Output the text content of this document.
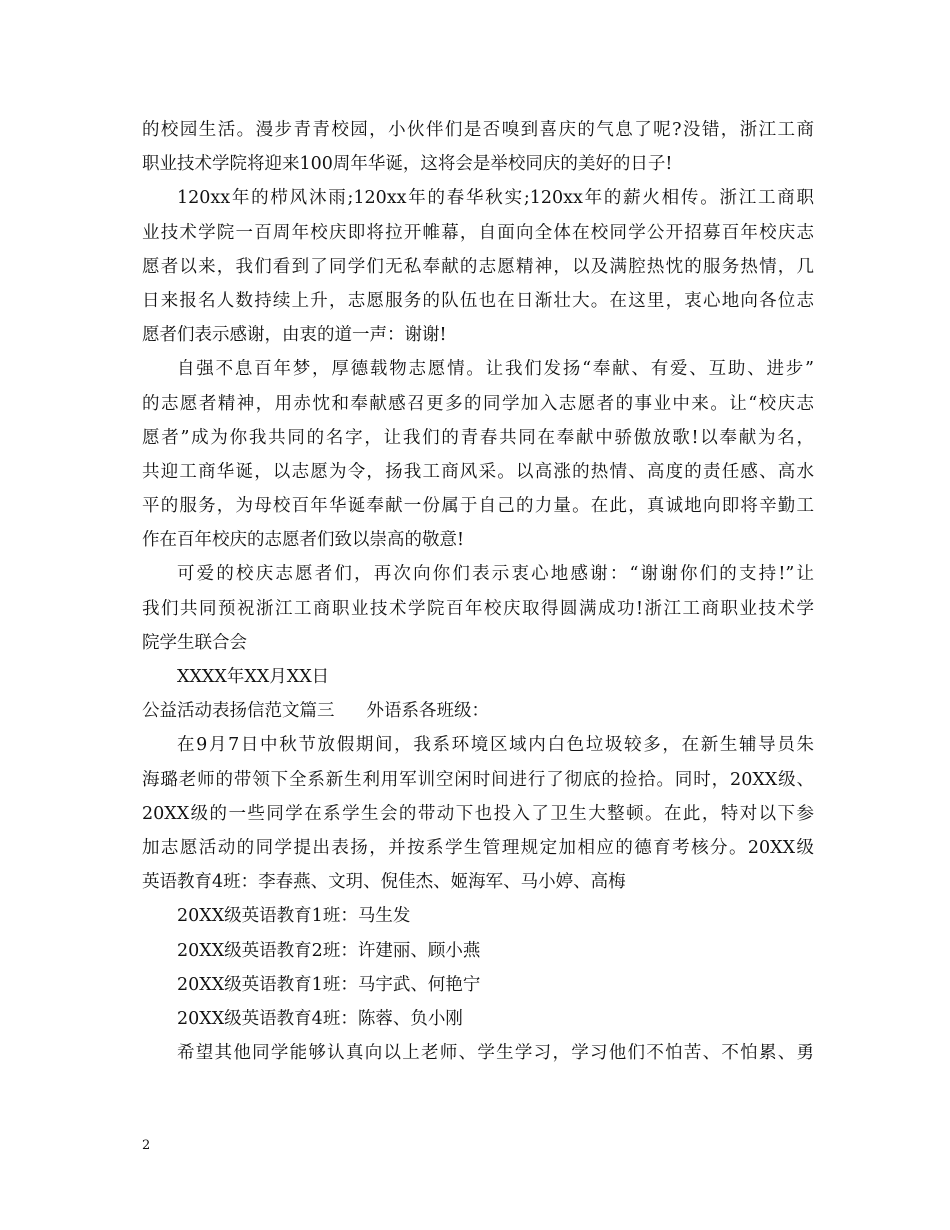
的校园生活。漫步青青校园，小伙伴们是否嗅到喜庆的气息了呢?没错，浙江工商
职业技术学院将迎来100周年华诞，这将会是举校同庆的美好的日子!
120xx年的栉风沐雨;120xx年的春华秋实;120xx年的薪火相传。浙江工商职
业技术学院一百周年校庆即将拉开帷幕，自面向全体在校同学公开招募百年校庆志
愿者以来，我们看到了同学们无私奉献的志愿精神，以及满腔热忱的服务热情，几
日来报名人数持续上升，志愿服务的队伍也在日渐壮大。在这里，衷心地向各位志
愿者们表示感谢，由衷的道一声：谢谢!
自强不息百年梦，厚德载物志愿情。让我们发扬“奉献、有爱、互助、进步”
的志愿者精神，用赤忱和奉献感召更多的同学加入志愿者的事业中来。让“校庆志
愿者”成为你我共同的名字，让我们的青春共同在奉献中骄傲放歌!以奉献为名，
共迎工商华诞，以志愿为令，扬我工商风采。以高涨的热情、高度的责任感、高水
平的服务，为母校百年华诞奉献一份属于自己的力量。在此，真诚地向即将辛勤工
作在百年校庆的志愿者们致以崇高的敬意!
可爱的校庆志愿者们，再次向你们表示衷心地感谢：“谢谢你们的支持!”让
我们共同预祝浙江工商职业技术学院百年校庆取得圆满成功!浙江工商职业技术学
院学生联合会
XXXX年XX月XX日
公益活动表扬信范文篇三 外语系各班级：
在9月7日中秋节放假期间，我系环境区域内白色垃圾较多，在新生辅导员朱
海璐老师的带领下全系新生利用军训空闲时间进行了彻底的捡拾。同时，20XX级、
20XX级的一些同学在系学生会的带动下也投入了卫生大整顿。在此，特对以下参
加志愿活动的同学提出表扬，并按系学生管理规定加相应的德育考核分。20XX级
英语教育4班：李春燕、文玥、倪佳杰、姬海军、马小婷、高梅
20XX级英语教育1班：马生发
20XX级英语教育2班：许建丽、顾小燕
20XX级英语教育1班：马宇武、何艳宁
20XX级英语教育4班：陈蓉、负小刚
希望其他同学能够认真向以上老师、学生学习，学习他们不怕苦、不怕累、勇
2
